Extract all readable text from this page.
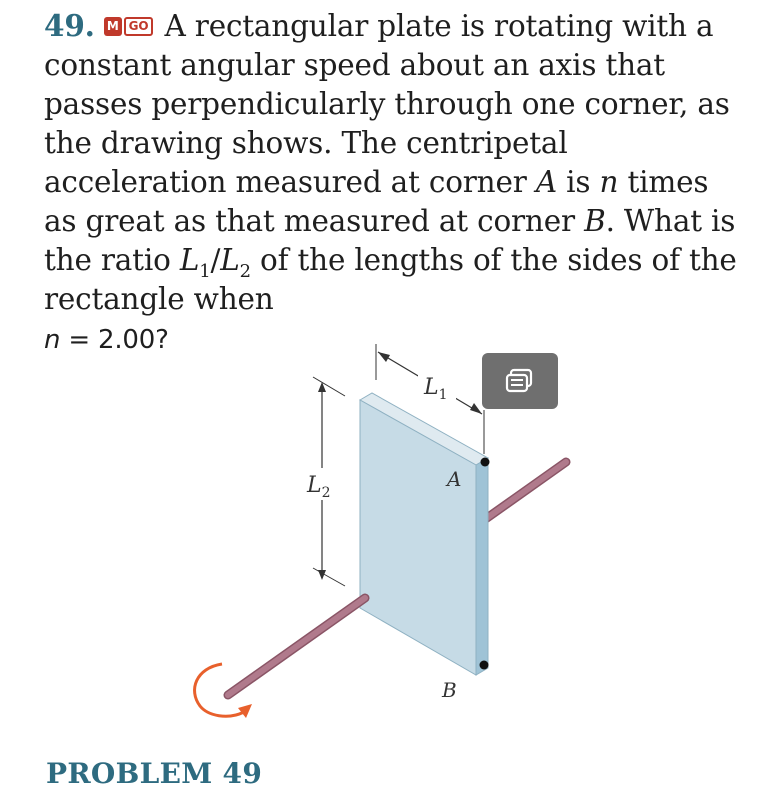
49. M GO A rectangular plate is rotating with a constant angular speed about an axis that passes perpendicularly through one corner, as the drawing shows. The centripetal acceleration measured at corner A is n times as great as that measured at corner B. What is the ratio $L_1/L_2$ of the lengths of the sides of the rectangle when
n = 2.00?

$L_2$
$L_1$
A
B
PROBLEM 49
